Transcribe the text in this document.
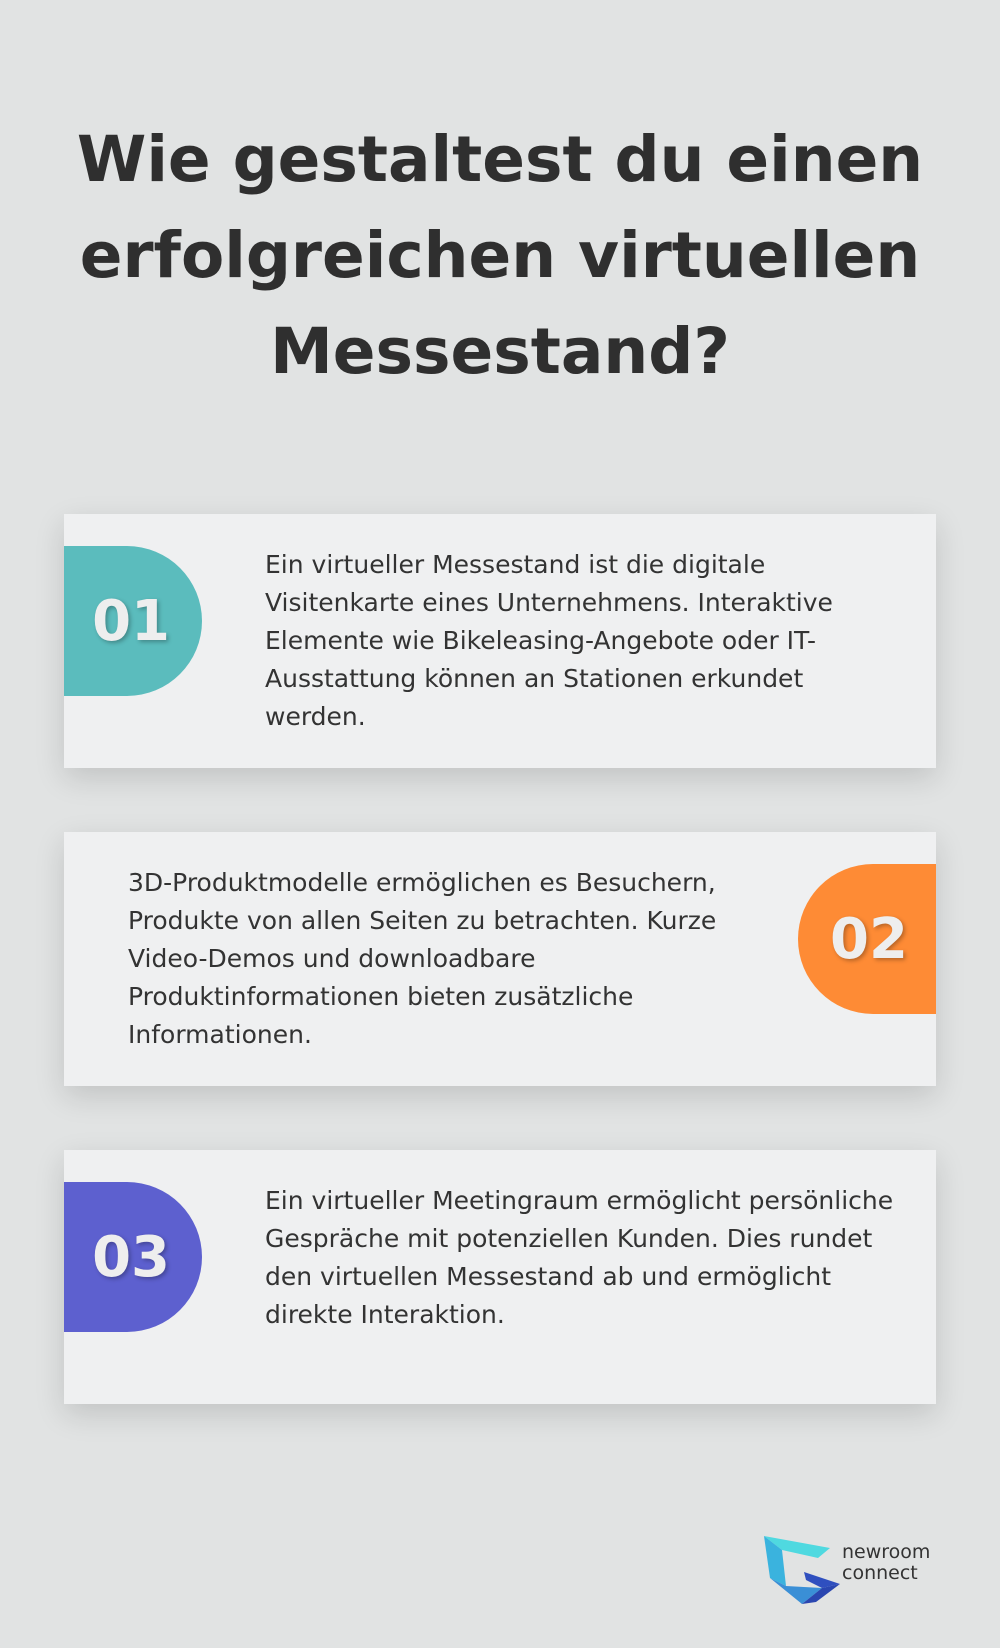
Wie gestaltest du einen erfolgreichen virtuellen Messestand?
01

Ein virtueller Messestand ist die digitale Visitenkarte eines Unternehmens. Interaktive Elemente wie Bikeleasing-Angebote oder IT-Ausstattung können an Stationen erkundet werden.

3D-Produktmodelle ermöglichen es Besuchern, Produkte von allen Seiten zu betrachten. Kurze Video-Demos und downloadbare Produktinformationen bieten zusätzliche Informationen.

02
03

Ein virtueller Meetingraum ermöglicht persönliche Gespräche mit potenziellen Kunden. Dies rundet den virtuellen Messestand ab und ermöglicht direkte Interaktion.

newroom
connect
